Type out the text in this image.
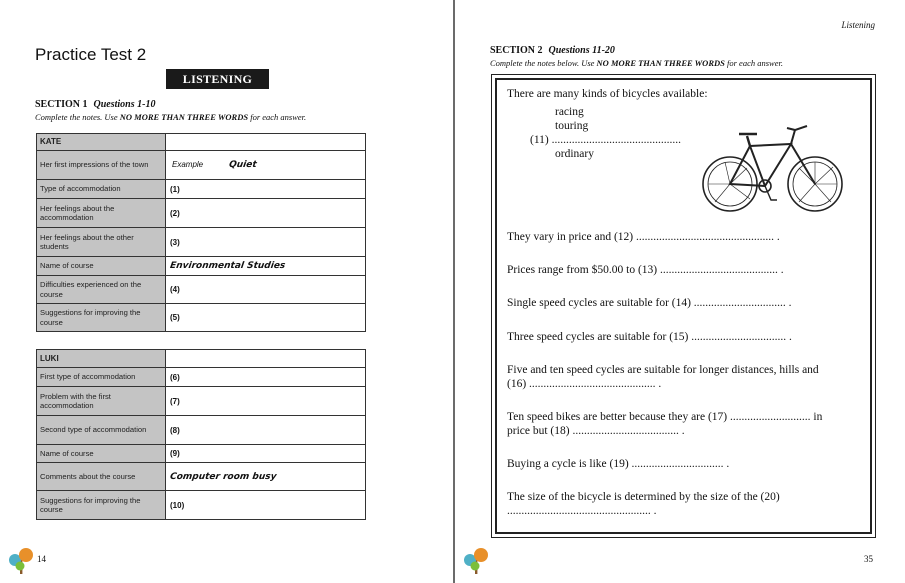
Practice Test 2
LISTENING
SECTION 1 Questions 1-10
Complete the notes. Use NO MORE THAN THREE WORDS for each answer.
KATE	
Her first impressions of the town	Example Quiet
Type of accommodation	(1)
Her feelings about the accommodation	(2)
Her feelings about the other students	(3)
Name of course	Environmental Studies
Difficulties experienced on the course	(4)
Suggestions for improving the course	(5)
LUKI	
First type of accommodation	(6)
Problem with the first accommodation	(7)
Second type of accommodation	(8)
Name of course	(9)
Comments about the course	Computer room busy
Suggestions for improving the course	(10)
14
Listening
SECTION 2 Questions 11-20
Complete the notes below. Use NO MORE THAN THREE WORDS for each answer.
There are many kinds of bicycles available:
racing
touring
(11) .............................................
ordinary
They vary in price and (12) ................................................ .
Prices range from $50.00 to (13) ......................................... .
Single speed cycles are suitable for (14) ................................ .
Three speed cycles are suitable for (15) ................................. .
Five and ten speed cycles are suitable for longer distances, hills and (16) ............................................ .
Ten speed bikes are better because they are (17) ............................ in price but (18) ..................................... .
Buying a cycle is like (19) ................................ .
The size of the bicycle is determined by the size of the (20) .................................................. .
35
